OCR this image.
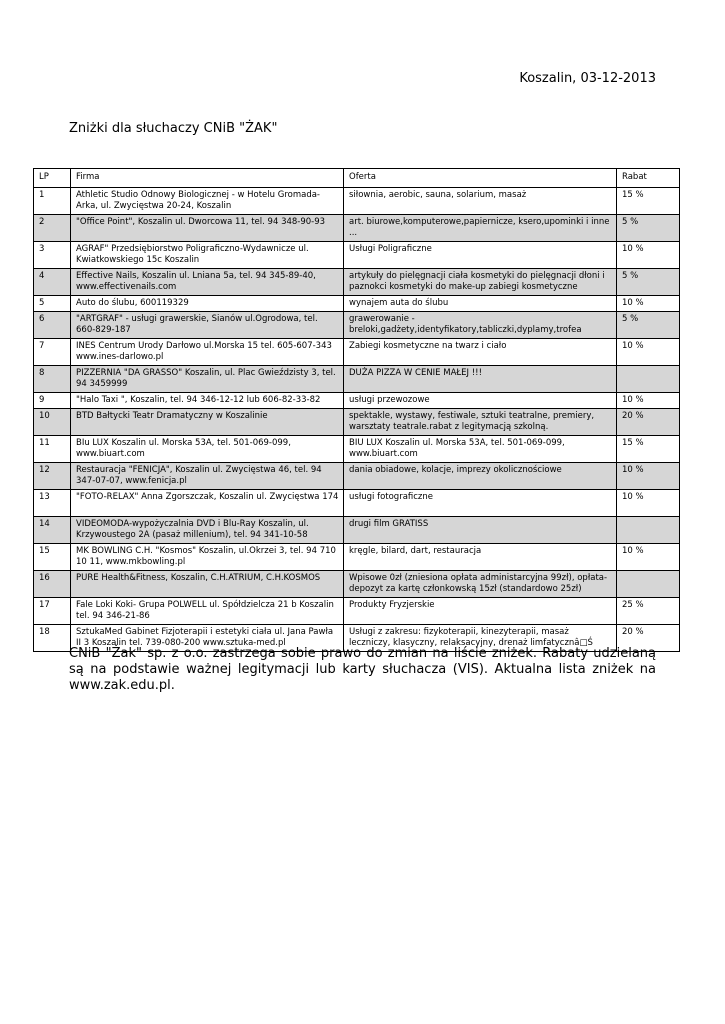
Koszalin, 03-12-2013
Zniżki dla słuchaczy CNiB "ŻAK"
LP	Firma	Oferta	Rabat
1	Athletic Studio Odnowy Biologicznej - w Hotelu Gromada-Arka, ul. Zwycięstwa 20-24, Koszalin	siłownia, aerobic, sauna, solarium, masaż	15 %
2	"Office Point", Koszalin ul. Dworcowa 11, tel. 94 348-90-93	art. biurowe,komputerowe,papiernicze, ksero,upominki i inne ...	5 %
3	AGRAF" Przedsiębiorstwo Poligraficzno-Wydawnicze ul. Kwiatkowskiego 15c Koszalin	Usługi Poligraficzne	10 %
4	Effective Nails, Koszalin ul. Lniana 5a, tel. 94 345-89-40, www.effectivenails.com	artykuły do pielęgnacji ciała kosmetyki do pielęgnacji dłoni i paznokci kosmetyki do make-up zabiegi kosmetyczne	5 %
5	Auto do ślubu, 600119329	wynajem auta do ślubu	10 %
6	"ARTGRAF" - usługi grawerskie, Sianów ul.Ogrodowa, tel. 660-829-187	grawerowanie - breloki,gadżety,identyfikatory,tabliczki,dyplamy,trofea	5 %
7	INES Centrum Urody Darłowo ul.Morska 15 tel. 605-607-343 www.ines-darlowo.pl	Zabiegi kosmetyczne na twarz i ciało	10 %
8	PIZZERNIA "DA GRASSO" Koszalin, ul. Plac Gwieździsty 3, tel. 94 3459999	DUŻA PIZZA W CENIE MAŁEJ !!!	
9	"Halo Taxi ", Koszalin, tel. 94 346-12-12 lub 606-82-33-82	usługi przewozowe	10 %
10	BTD Bałtycki Teatr Dramatyczny w Koszalinie	spektakle, wystawy, festiwale, sztuki teatralne, premiery, warsztaty teatrale.rabat z legitymacją szkolną.	20 %
11	BIu LUX Koszalin ul. Morska 53A, tel. 501-069-099, www.biuart.com	BIU LUX Koszalin ul. Morska 53A, tel. 501-069-099, www.biuart.com	15 %
12	Restauracja "FENICJA", Koszalin ul. Zwycięstwa 46, tel. 94 347-07-07, www.fenicja.pl	dania obiadowe, kolacje, imprezy okolicznościowe	10 %
13	"FOTO-RELAX" Anna Zgorszczak, Koszalin ul. Zwycięstwa 174	usługi fotograficzne	10 %
14	VIDEOMODA-wypożyczalnia DVD i Blu-Ray Koszalin, ul. Krzywoustego 2A (pasaż millenium), tel. 94 341-10-58	drugi film GRATISS	
15	MK BOWLING C.H. "Kosmos" Koszalin, ul.Okrzei 3, tel. 94 710 10 11, www.mkbowling.pl	kręgle, bilard, dart, restauracja	10 %
16	PURE Health&Fitness, Koszalin, C.H.ATRIUM, C.H.KOSMOS	Wpisowe 0zł (zniesiona opłata administarcyjna 99zł), opłata-depozyt za kartę członkowską 15zł (standardowo 25zł)	
17	Fale Loki Koki- Grupa POLWELL ul. Spółdzielcza 21 b Koszalin tel. 94 346-21-86	Produkty Fryzjerskie	25 %
18	SztukaMed Gabinet Fizjoterapii i estetyki ciała ul. Jana Pawła II 3 Koszalin tel. 739-080-200 www.sztuka-med.pl	Usługi z zakresu: fizykoterapii, kinezyterapii, masaż leczniczy, klasyczny, relaksacyjny, drenaż limfatycznâ□Ś	20 %
CNiB "Żak" sp. z o.o. zastrzega sobie prawo do zmian na liście zniżek. Rabaty udzielaną są na podstawie ważnej legitymacji lub karty słuchacza (VIS). Aktualna lista zniżek na www.zak.edu.pl.
